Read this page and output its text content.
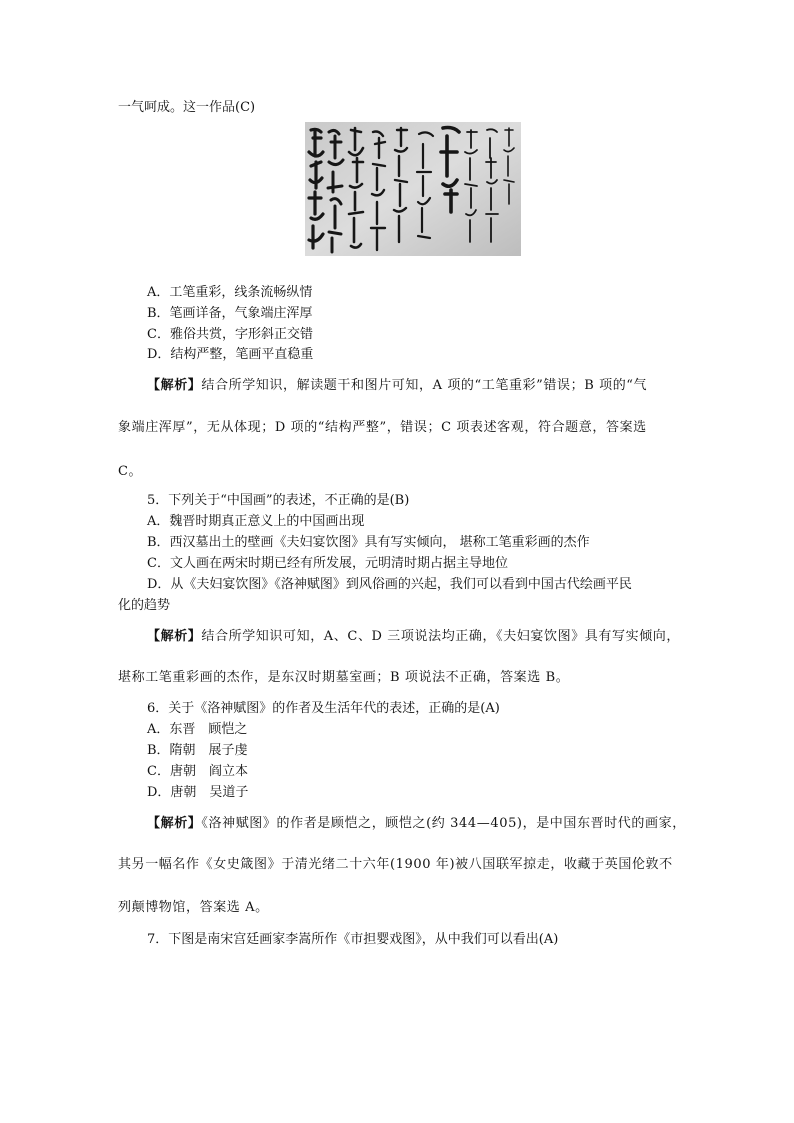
一气呵成。这一作品(C)
A．工笔重彩，线条流畅纵情
B．笔画详备，气象端庄浑厚
C．雅俗共赏，字形斜正交错
D．结构严整，笔画平直稳重
【解析】结合所学知识，解读题干和图片可知，A 项的“工笔重彩”错误；B 项的“气
象端庄浑厚”，无从体现；D 项的“结构严整”，错误；C 项表述客观，符合题意，答案选
C。
5．下列关于“中国画”的表述，不正确的是(B)
A．魏晋时期真正意义上的中国画出现
B．西汉墓出土的壁画《夫妇宴饮图》具有写实倾向， 堪称工笔重彩画的杰作
C．文人画在两宋时期已经有所发展，元明清时期占据主导地位
D．从《夫妇宴饮图》《洛神赋图》到风俗画的兴起，我们可以看到中国古代绘画平民
化的趋势
【解析】结合所学知识可知，A、C、D 三项说法均正确，《夫妇宴饮图》具有写实倾向，
堪称工笔重彩画的杰作，是东汉时期墓室画；B 项说法不正确，答案选 B。
6．关于《洛神赋图》的作者及生活年代的表述，正确的是(A)
A．东晋　顾恺之
B．隋朝　展子虔
C．唐朝　阎立本
D．唐朝　吴道子
【解析】《洛神赋图》的作者是顾恺之，顾恺之(约 344—405)，是中国东晋时代的画家，
其另一幅名作《女史箴图》于清光绪二十六年(1900 年)被八国联军掠走，收藏于英国伦敦不
列颠博物馆，答案选 A。
7．下图是南宋宫廷画家李嵩所作《市担婴戏图》，从中我们可以看出(A)
